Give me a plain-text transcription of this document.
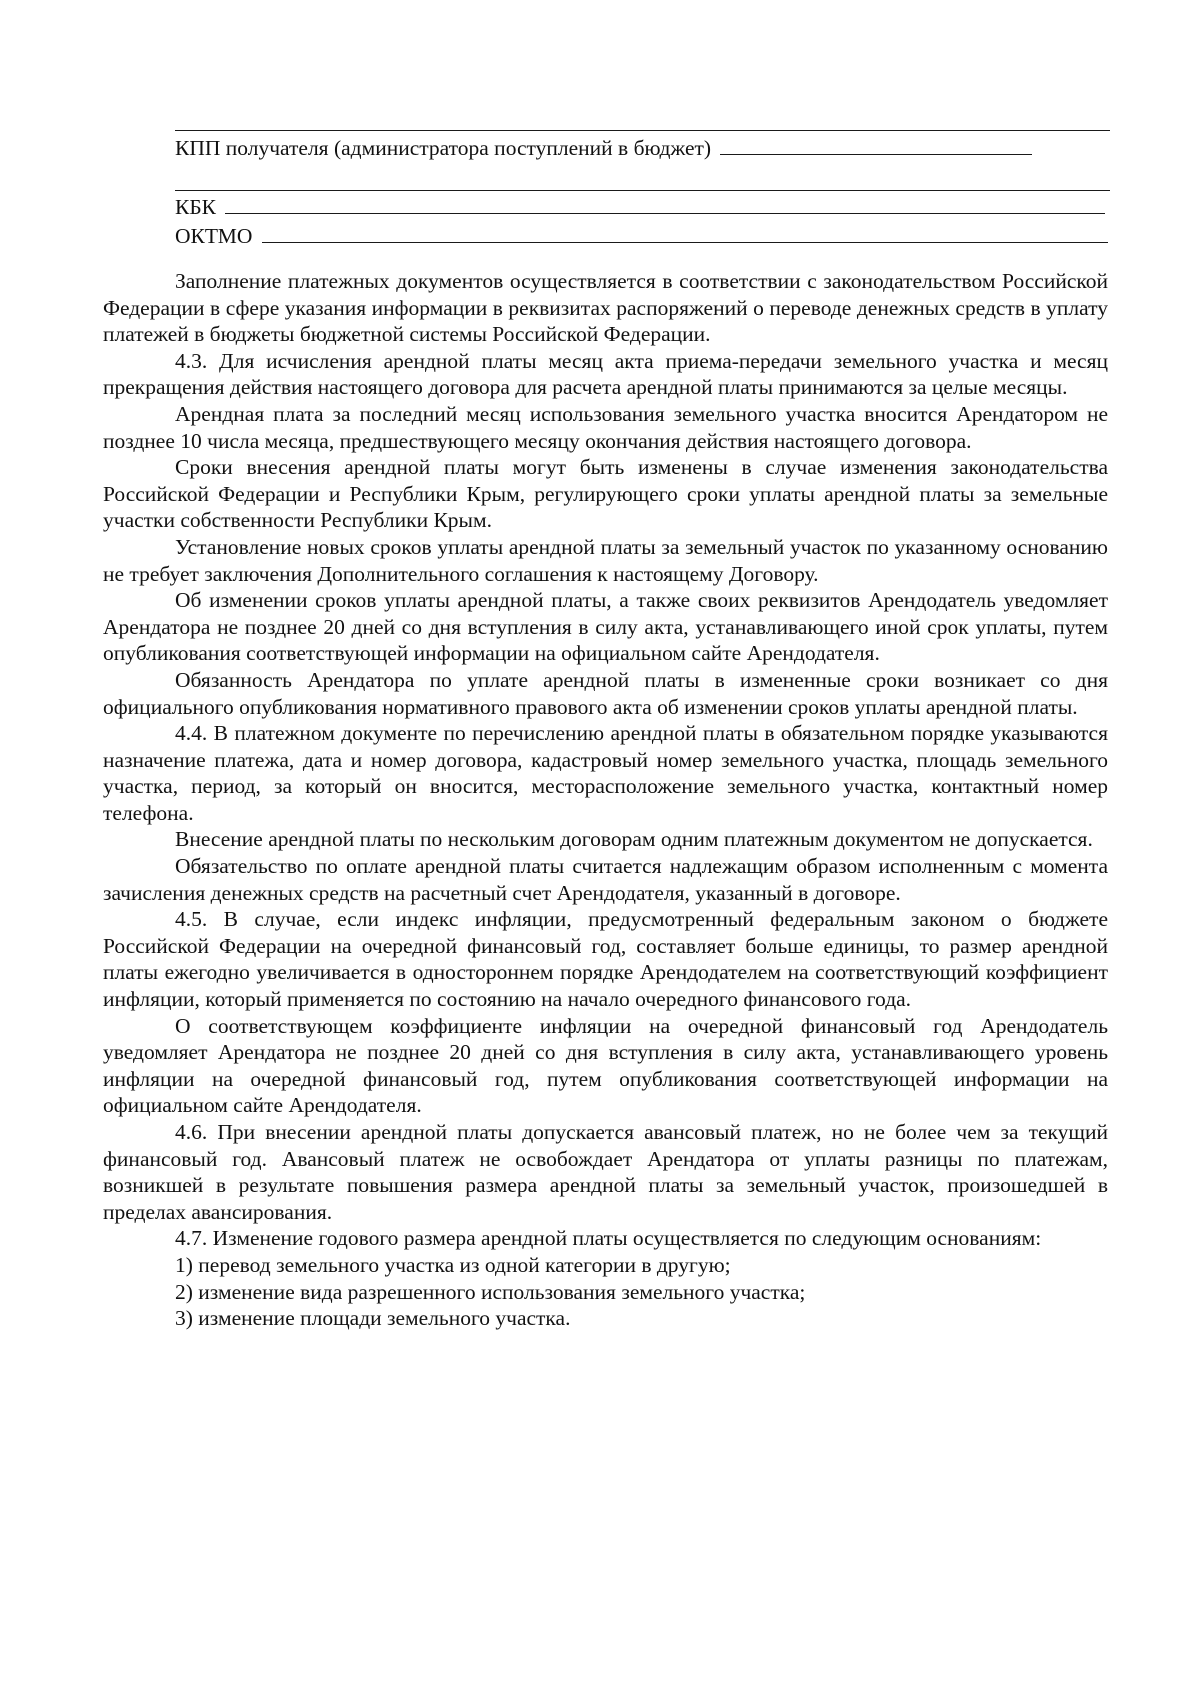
КПП получателя (администратора поступлений в бюджет)
КБК
ОКТМО

Заполнение платежных документов осуществляется в соответствии с законодательством Российской Федерации в сфере указания информации в реквизитах распоряжений о переводе денежных средств в уплату платежей в бюджеты бюджетной системы Российской Федерации.

4.3. Для исчисления арендной платы месяц акта приема-передачи земельного участка и месяц прекращения действия настоящего договора для расчета арендной платы принимаются за целые месяцы.

Арендная плата за последний месяц использования земельного участка вносится Арендатором не позднее 10 числа месяца, предшествующего месяцу окончания действия настоящего договора.

Сроки внесения арендной платы могут быть изменены в случае изменения законодательства Российской Федерации и Республики Крым, регулирующего сроки уплаты арендной платы за земельные участки собственности Республики Крым.

Установление новых сроков уплаты арендной платы за земельный участок по указанному основанию не требует заключения Дополнительного соглашения к настоящему Договору.

Об изменении сроков уплаты арендной платы, а также своих реквизитов Арендодатель уведомляет Арендатора не позднее 20 дней со дня вступления в силу акта, устанавливающего иной срок уплаты, путем опубликования соответствующей информации на официальном сайте Арендодателя.

Обязанность Арендатора по уплате арендной платы в измененные сроки возникает со дня официального опубликования нормативного правового акта об изменении сроков уплаты арендной платы.

4.4. В платежном документе по перечислению арендной платы в обязательном порядке указываются назначение платежа, дата и номер договора, кадастровый номер земельного участка, площадь земельного участка, период, за который он вносится, месторасположение земельного участка, контактный номер телефона.

Внесение арендной платы по нескольким договорам одним платежным документом не допускается.

Обязательство по оплате арендной платы считается надлежащим образом исполненным с момента зачисления денежных средств на расчетный счет Арендодателя, указанный в договоре.

4.5. В случае, если индекс инфляции, предусмотренный федеральным законом о бюджете Российской Федерации на очередной финансовый год, составляет больше единицы, то размер арендной платы ежегодно увеличивается в одностороннем порядке Арендодателем на соответствующий коэффициент инфляции, который применяется по состоянию на начало очередного финансового года.

О соответствующем коэффициенте инфляции на очередной финансовый год Арендодатель уведомляет Арендатора не позднее 20 дней со дня вступления в силу акта, устанавливающего уровень инфляции на очередной финансовый год, путем опубликования соответствующей информации на официальном сайте Арендодателя.

4.6. При внесении арендной платы допускается авансовый платеж, но не более чем за текущий финансовый год. Авансовый платеж не освобождает Арендатора от уплаты разницы по платежам, возникшей в результате повышения размера арендной платы за земельный участок, произошедшей в пределах авансирования.

4.7. Изменение годового размера арендной платы осуществляется по следующим основаниям:

1) перевод земельного участка из одной категории в другую;

2) изменение вида разрешенного использования земельного участка;

3) изменение площади земельного участка.
